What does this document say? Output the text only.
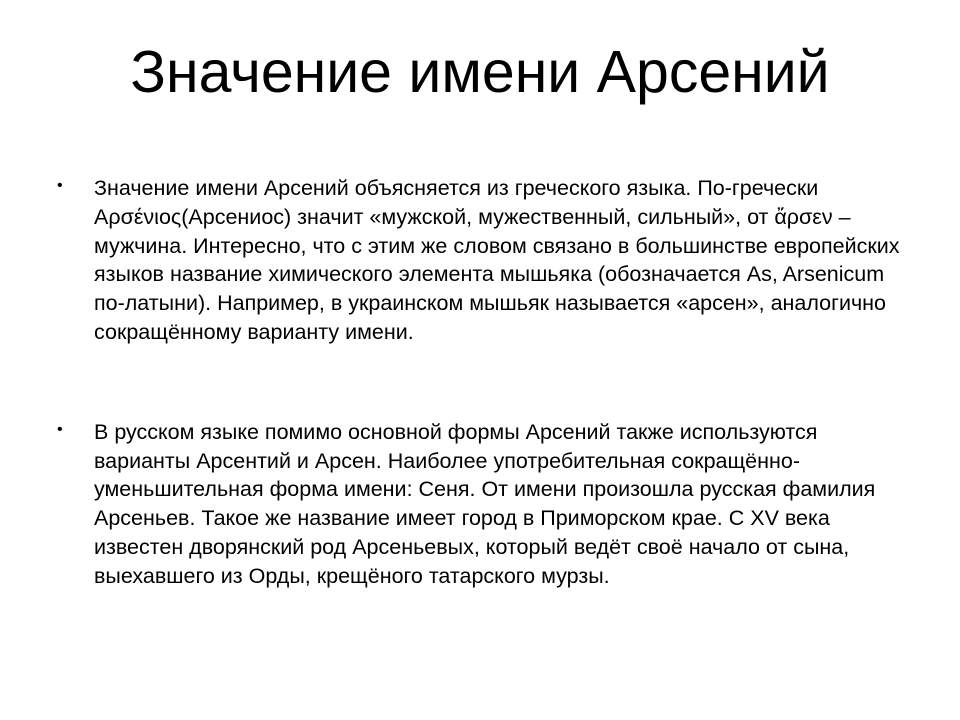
Значение имени Арсений
• Значение имени Арсений объясняется из греческого языка. По-гречески Αρσένιος(Арсениос) значит «мужской, мужественный, сильный», от ἄρσεν – мужчина. Интересно, что с этим же словом связано в большинстве европейских языков название химического элемента мышьяка (обозначается As, Arsenicum по-латыни). Например, в украинском мышьяк называется «арсен», аналогично сокращённому варианту имени.
• В русском языке помимо основной формы Арсений также используются варианты Арсентий и Арсен. Наиболее употребительная сокращённо-уменьшительная форма имени: Сеня. От имени произошла русская фамилия Арсеньев. Такое же название имеет город в Приморском крае. С XV века известен дворянский род Арсеньевых, который ведёт своё начало от сына, выехавшего из Орды, крещёного татарского мурзы.
